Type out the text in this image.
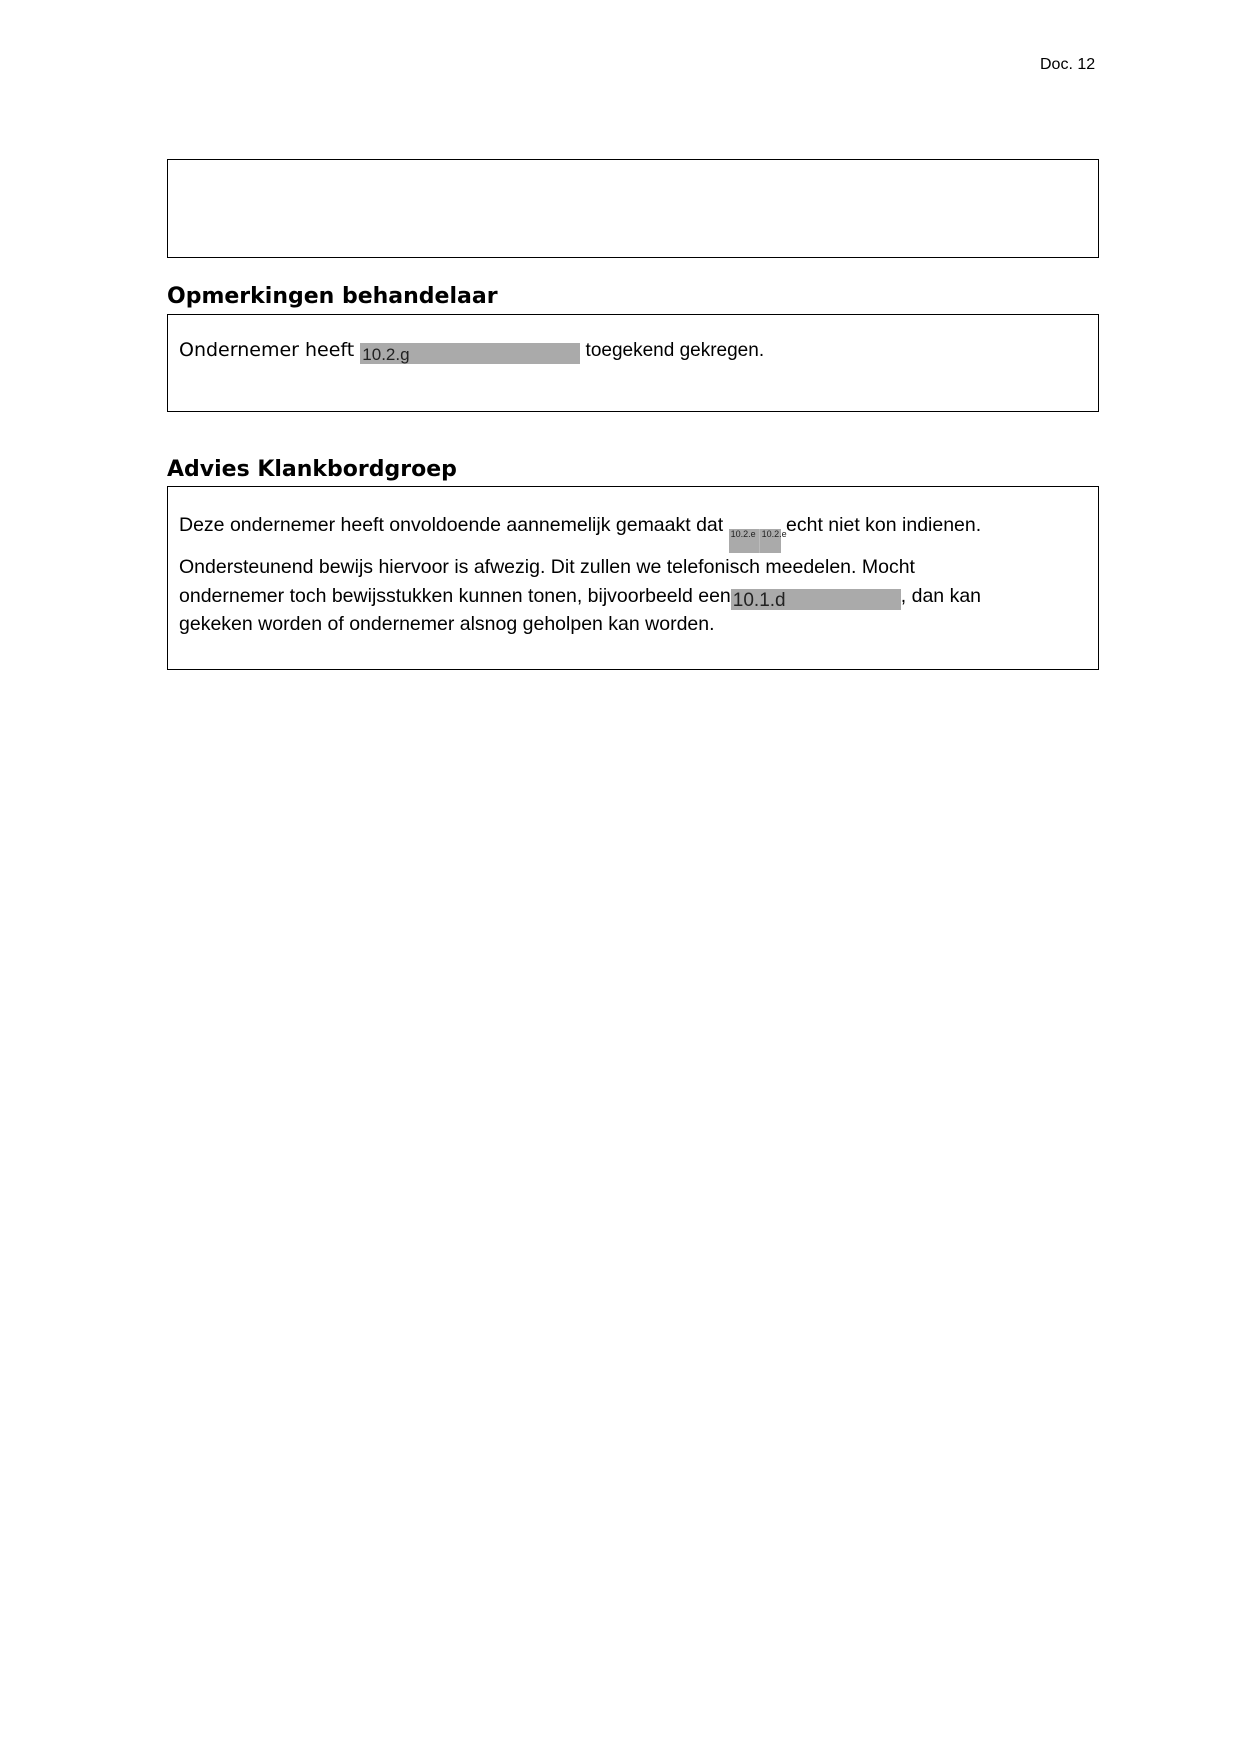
Doc. 12
Opmerkingen behandelaar
Ondernemer heeft 10.2.g	toegekend gekregen.
Advies Klankbordgroep
Deze ondernemer heeft onvoldoende aannemelijk gemaakt dat 10.2.e 10.2.e echt niet kon indienen.
Ondersteunend bewijs hiervoor is afwezig. Dit zullen we telefonisch meedelen. Mocht
ondernemer toch bewijsstukken kunnen tonen, bijvoorbeeld een 10.1.d	, dan kan
gekeken worden of ondernemer alsnog geholpen kan worden.
